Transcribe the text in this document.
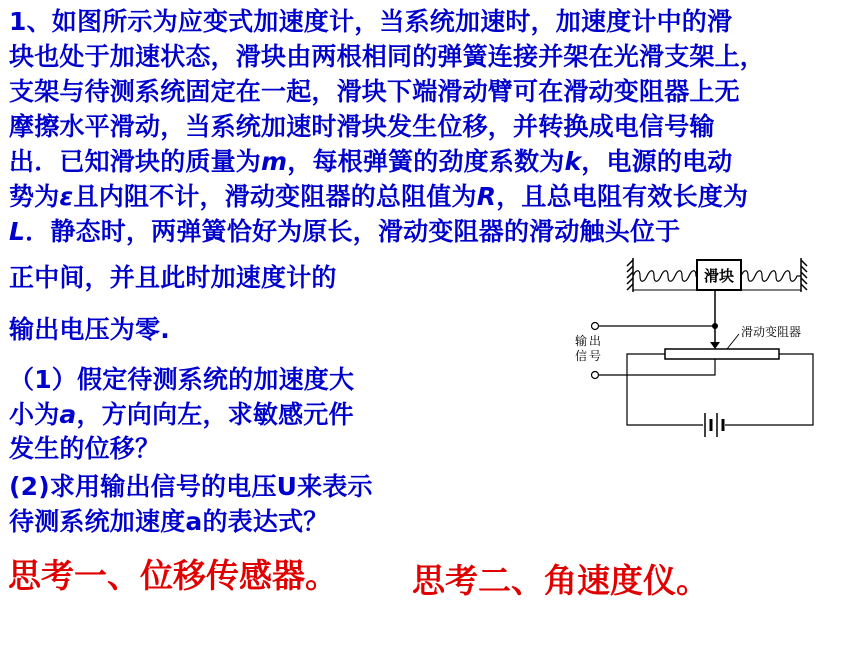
1、如图所示为应变式加速度计，当系统加速时，加速度计中的滑
块也处于加速状态，滑块由两根相同的弹簧连接并架在光滑支架上，
支架与待测系统固定在一起，滑块下端滑动臂可在滑动变阻器上无
摩擦水平滑动，当系统加速时滑块发生位移，并转换成电信号输
出．已知滑块的质量为m，每根弹簧的劲度系数为k，电源的电动
势为ε且内阻不计，滑动变阻器的总阻值为R，且总电阻有效长度为
L．静态时，两弹簧恰好为原长，滑动变阻器的滑动触头位于
正中间，并且此时加速度计的
输出电压为零.
（1）假定待测系统的加速度大
小为a，方向向左，求敏感元件
发生的位移？
(2)求用输出信号的电压U来表示
待测系统加速度a的表达式？
思考一、位移传感器。 思考二、角速度仪。
滑块
滑动变阻器
输 出
信 号
